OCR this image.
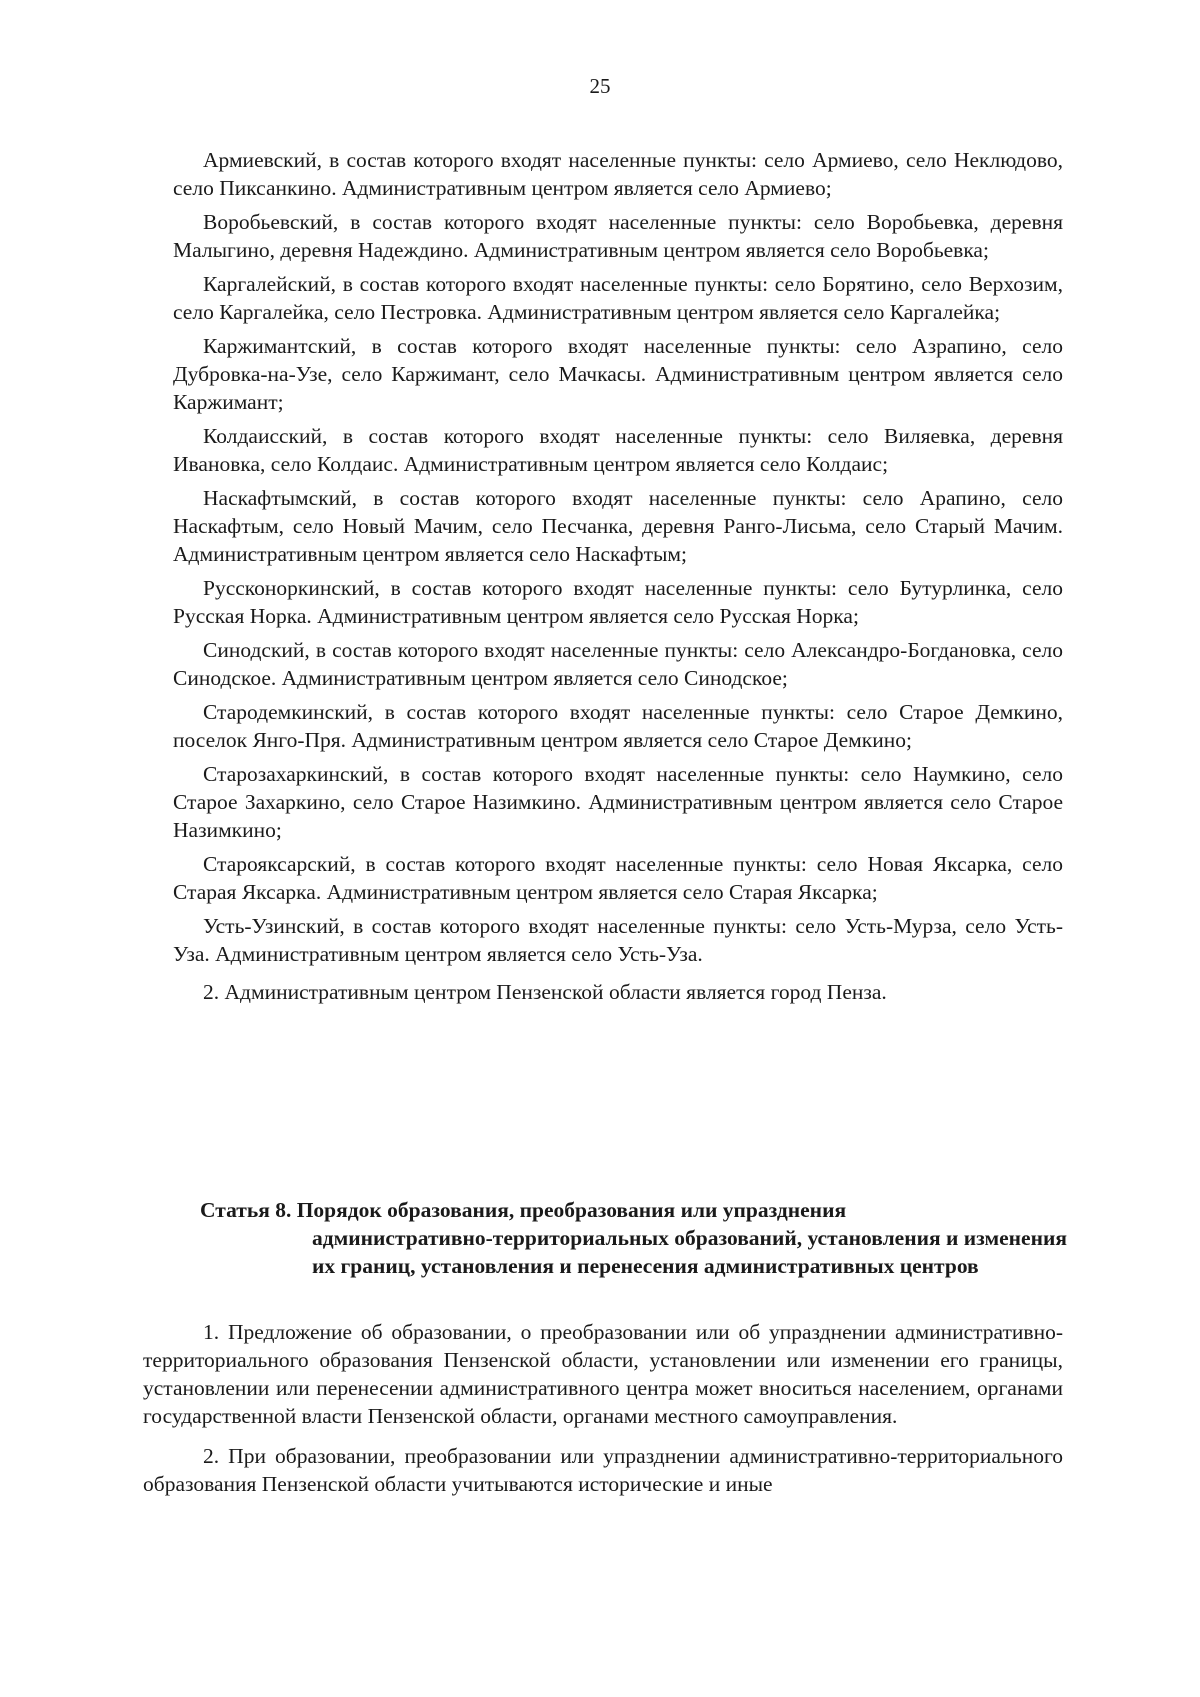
25

Армиевский, в состав которого входят населенные пункты: село Армиево, село Неклюдово, село Пиксанкино. Административным центром является село Армиево;

Воробьевский, в состав которого входят населенные пункты: село Воробьевка, деревня Малыгино, деревня Надеждино. Административным центром является село Воробьевка;

Каргалейский, в состав которого входят населенные пункты: село Борятино, село Верхозим, село Каргалейка, село Пестровка. Административным центром является село Каргалейка;

Каржимантский, в состав которого входят населенные пункты: село Азрапино, село Дубровка-на-Узе, село Каржимант, село Мачкасы. Административным центром является село Каржимант;

Колдаисский, в состав которого входят населенные пункты: село Виляевка, деревня Ивановка, село Колдаис. Административным центром является село Колдаис;

Наскафтымский, в состав которого входят населенные пункты: село Арапино, село Наскафтым, село Новый Мачим, село Песчанка, деревня Ранго-Лисьма, село Старый Мачим. Административным центром является село Наскафтым;

Руссконоркинский, в состав которого входят населенные пункты: село Бутурлинка, село Русская Норка. Административным центром является село Русская Норка;

Синодский, в состав которого входят населенные пункты: село Александро-Богдановка, село Синодское. Административным центром является село Синодское;

Стародемкинский, в состав которого входят населенные пункты: село Старое Демкино, поселок Янго-Пря. Административным центром является село Старое Демкино;

Старозахаркинский, в состав которого входят населенные пункты: село Наумкино, село Старое Захаркино, село Старое Назимкино. Административным центром является село Старое Назимкино;

Старояксарский, в состав которого входят населенные пункты: село Новая Яксарка, село Старая Яксарка. Административным центром является село Старая Яксарка;

Усть-Узинский, в состав которого входят населенные пункты: село Усть-Мурза, село Усть-Уза. Административным центром является село Усть-Уза.

2. Административным центром Пензенской области является город Пенза.

Статья 8. Порядок образования, преобразования или упразднения
административно-территориальных образований, установления и изменения их границ, установления и перенесения административных центров

1. Предложение об образовании, о преобразовании или об упразднении административно-территориального образования Пензенской области, установлении или изменении его границы, установлении или перенесении административного центра может вноситься населением, органами государственной власти Пензенской области, органами местного самоуправления.

2. При образовании, преобразовании или упразднении административно-территориального образования Пензенской области учитываются исторические и иные
